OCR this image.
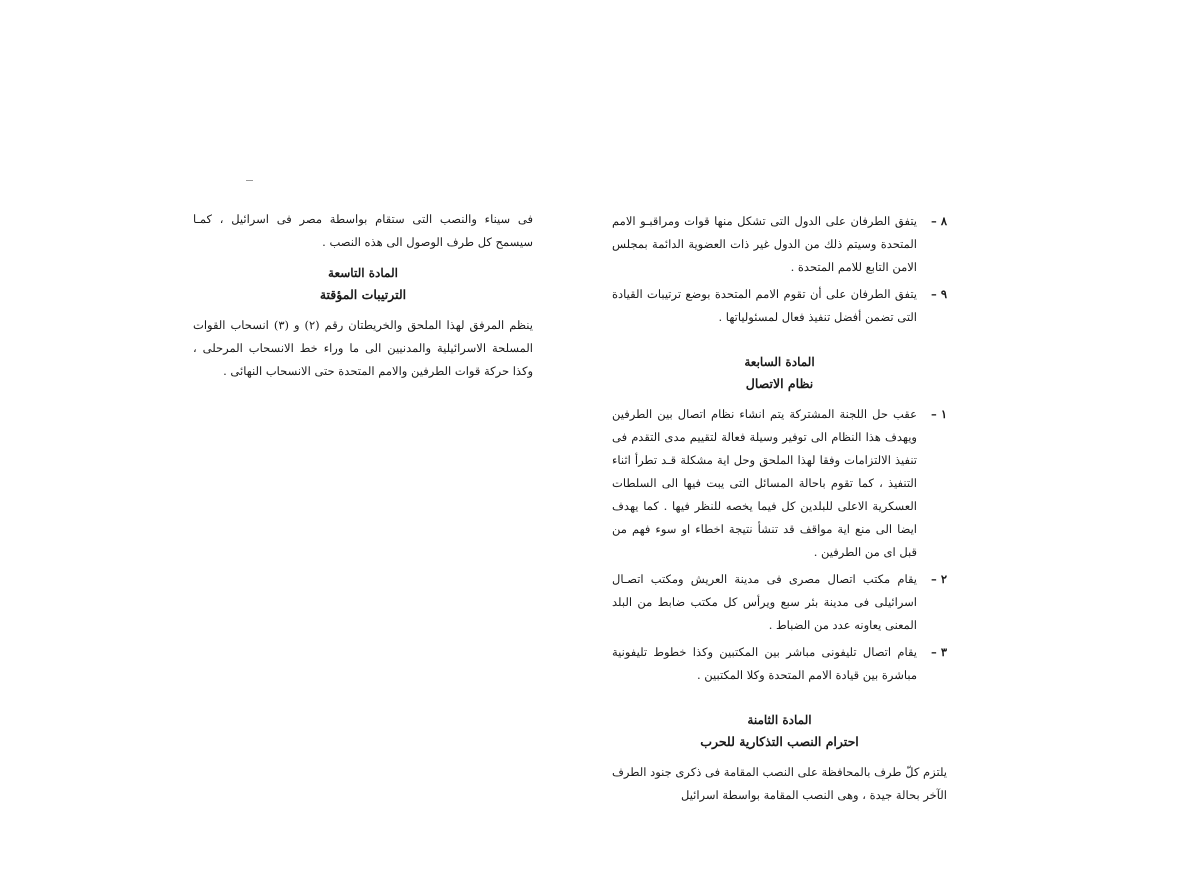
٨ –
يتفق الطرفان على الدول التى تشكل منها قوات ومراقبـو الامم المتحدة وسيتم ذلك من الدول غير ذات العضوية الدائمة بمجلس الامن التابع للامم المتحدة .
٩ –
يتفق الطرفان على أن تقوم الامم المتحدة بوضع ترتيبات القيادة التى تضمن أفضل تنفيذ فعال لمسئولياتها .

المادة السابعة

نظام الاتصال

١ –
عقب حل اللجنة المشتركة يتم انشاء نظام اتصال بين الطرفين ويهدف هذا النظام الى توفير وسيلة فعالة لتقييم مدى التقدم فى تنفيذ الالتزامات وفقا لهذا الملحق وحل اية مشكلة قـد تطرأ اثناء التنفيذ ، كما تقوم باحالة المسائل التى يبت فيها الى السلطات العسكرية الاعلى للبلدين كل فيما يخصه للنظر فيها . كما يهدف ايضا الى منع اية مواقف قد تنشأ نتيجة اخطاء او سوء فهم من قبل اى من الطرفين .
٢ –
يقام مكتب اتصال مصرى فى مدينة العريش ومكتب اتصـال اسرائيلى فى مدينة بئر سبع ويرأس كل مكتب ضابط من البلد المعنى يعاونه عدد من الضباط .
٣ –
يقام اتصال تليفونى مباشر بين المكتبين وكذا خطوط تليفونية مباشرة بين قيادة الامم المتحدة وكلا المكتبين .

المادة الثامنة

احترام النصب التذكارية للحرب

يلتزم كلّ طرف بالمحافظة على النصب المقامة فى ذكرى جنود الطرف الآخر بحالة جيدة ، وهى النصب المقامة بواسطة اسرائيل

فى سيناء والنصب التى ستقام بواسطة مصر فى اسرائيل ، كمـا سيسمح كل طرف الوصول الى هذه النصب .

المادة التاسعة

الترتيبات المؤقتة

ينظم المرفق لهذا الملحق والخريطتان رقم (٢) و (٣) انسحاب القوات المسلحة الاسرائيلية والمدنيين الى ما وراء خط الانسحاب المرحلى ، وكذا حركة قوات الطرفين والامم المتحدة حتى الانسحاب النهائى .
